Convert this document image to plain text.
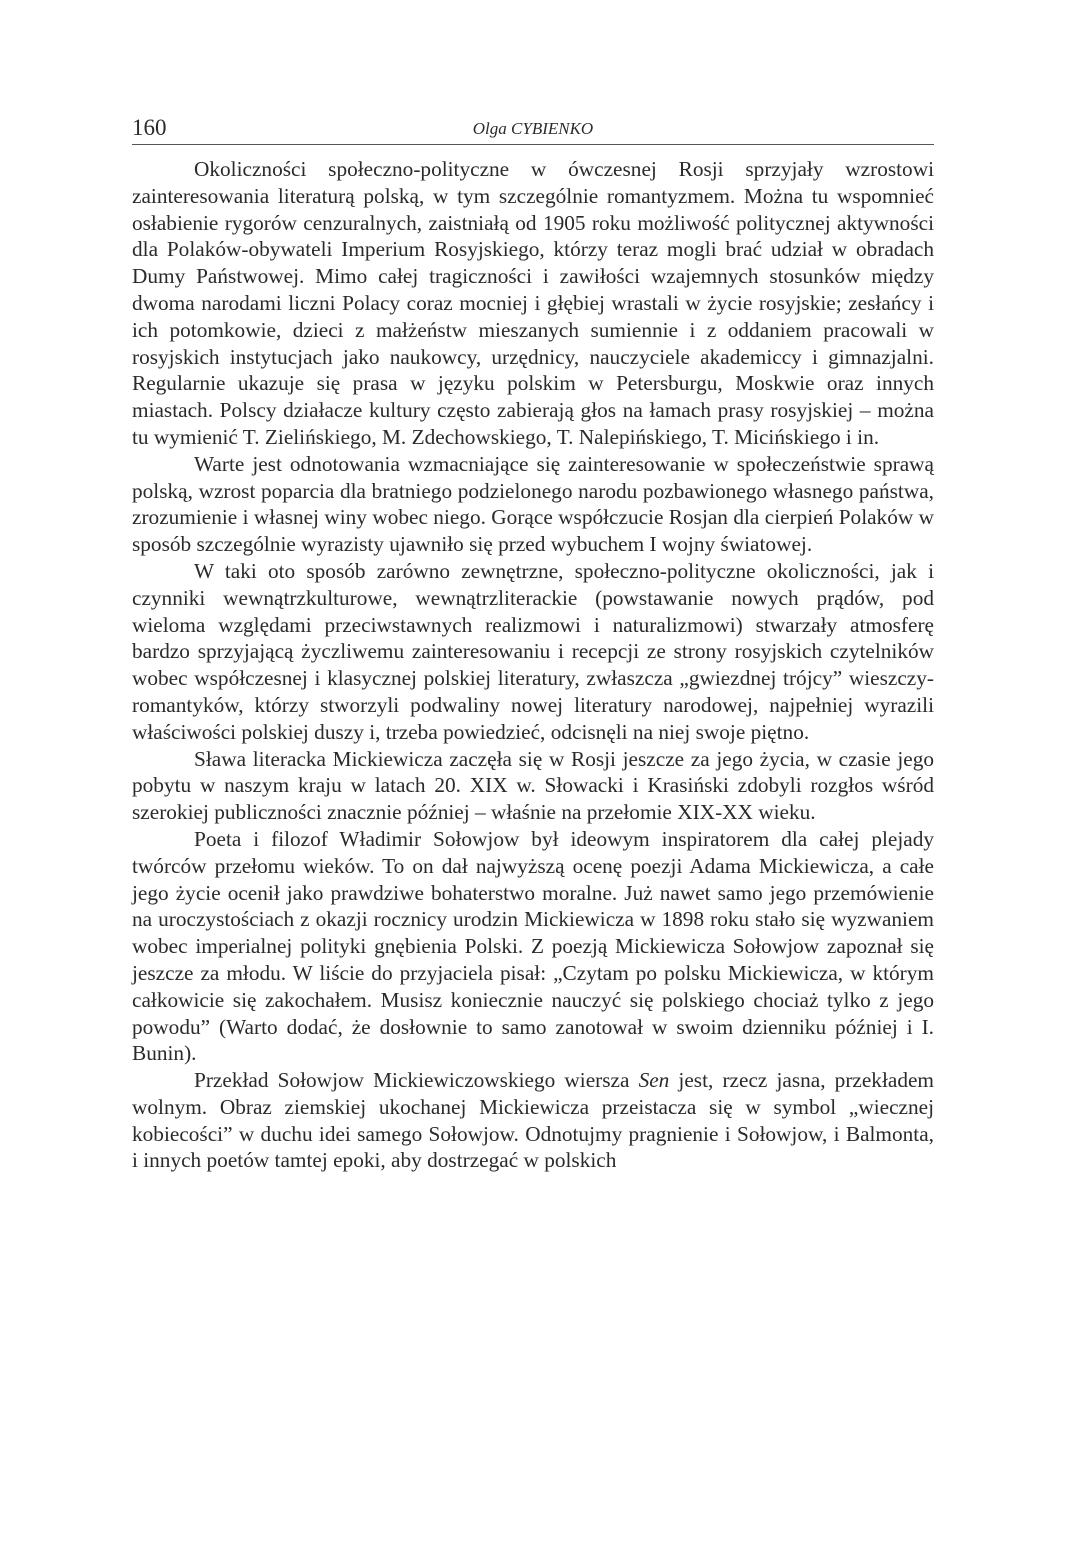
160	Olga CYBIENKO

Okoliczności społeczno-polityczne w ówczesnej Rosji sprzyjały wzrostowi zainteresowania literaturą polską, w tym szczególnie romantyzmem. Można tu wspomnieć osłabienie rygorów cenzuralnych, zaistniałą od 1905 roku możliwość politycznej aktywności dla Polaków-obywateli Imperium Rosyjskiego, którzy teraz mogli brać udział w obradach Dumy Państwowej. Mimo całej tragiczności i zawiłości wzajemnych stosunków między dwoma narodami liczni Polacy coraz mocniej i głębiej wrastali w życie rosyjskie; zesłańcy i ich potomkowie, dzieci z małżeństw mieszanych sumiennie i z oddaniem pracowali w rosyjskich instytucjach jako naukowcy, urzędnicy, nauczyciele akademiccy i gimnazjalni. Regularnie ukazuje się prasa w języku polskim w Petersburgu, Moskwie oraz innych miastach. Polscy działacze kultury często zabierają głos na łamach prasy rosyjskiej – można tu wymienić T. Zielińskiego, M. Zdechowskiego, T. Nalepińskiego, T. Micińskiego i in.

Warte jest odnotowania wzmacniające się zainteresowanie w społeczeństwie sprawą polską, wzrost poparcia dla bratniego podzielonego narodu pozbawionego własnego państwa, zrozumienie i własnej winy wobec niego. Gorące współczucie Rosjan dla cierpień Polaków w sposób szczególnie wyrazisty ujawniło się przed wybuchem I wojny światowej.

W taki oto sposób zarówno zewnętrzne, społeczno-polityczne okoliczności, jak i czynniki wewnątrzkulturowe, wewnątrzliterackie (powstawanie nowych prądów, pod wieloma względami przeciwstawnych realizmowi i naturalizmowi) stwarzały atmosferę bardzo sprzyjającą życzliwemu zainteresowaniu i recepcji ze strony rosyjskich czytelników wobec współczesnej i klasycznej polskiej literatury, zwłaszcza „gwiezdnej trójcy” wieszczy-romantyków, którzy stworzyli podwaliny nowej literatury narodowej, najpełniej wyrazili właściwości polskiej duszy i, trzeba powiedzieć, odcisnęli na niej swoje piętno.

Sława literacka Mickiewicza zaczęła się w Rosji jeszcze za jego życia, w czasie jego pobytu w naszym kraju w latach 20. XIX w. Słowacki i Krasiński zdobyli rozgłos wśród szerokiej publiczności znacznie później – właśnie na przełomie XIX-XX wieku.

Poeta i filozof Władimir Sołowjow był ideowym inspiratorem dla całej plejady twórców przełomu wieków. To on dał najwyższą ocenę poezji Adama Mickiewicza, a całe jego życie ocenił jako prawdziwe bohaterstwo moralne. Już nawet samo jego przemówienie na uroczystościach z okazji rocznicy urodzin Mickiewicza w 1898 roku stało się wyzwaniem wobec imperialnej polityki gnębienia Polski. Z poezją Mickiewicza Sołowjow zapoznał się jeszcze za młodu. W liście do przyjaciela pisał: „Czytam po polsku Mickiewicza, w którym całkowicie się zakochałem. Musisz koniecznie nauczyć się polskiego chociaż tylko z jego powodu” (Warto dodać, że dosłownie to samo zanotował w swoim dzienniku później i I. Bunin).

Przekład Sołowjow Mickiewiczowskiego wiersza Sen jest, rzecz jasna, przekładem wolnym. Obraz ziemskiej ukochanej Mickiewicza przeistacza się w symbol „wiecznej kobiecości” w duchu idei samego Sołowjow. Odnotujmy pragnienie i Sołowjow, i Balmonta, i innych poetów tamtej epoki, aby dostrzegać w polskich
